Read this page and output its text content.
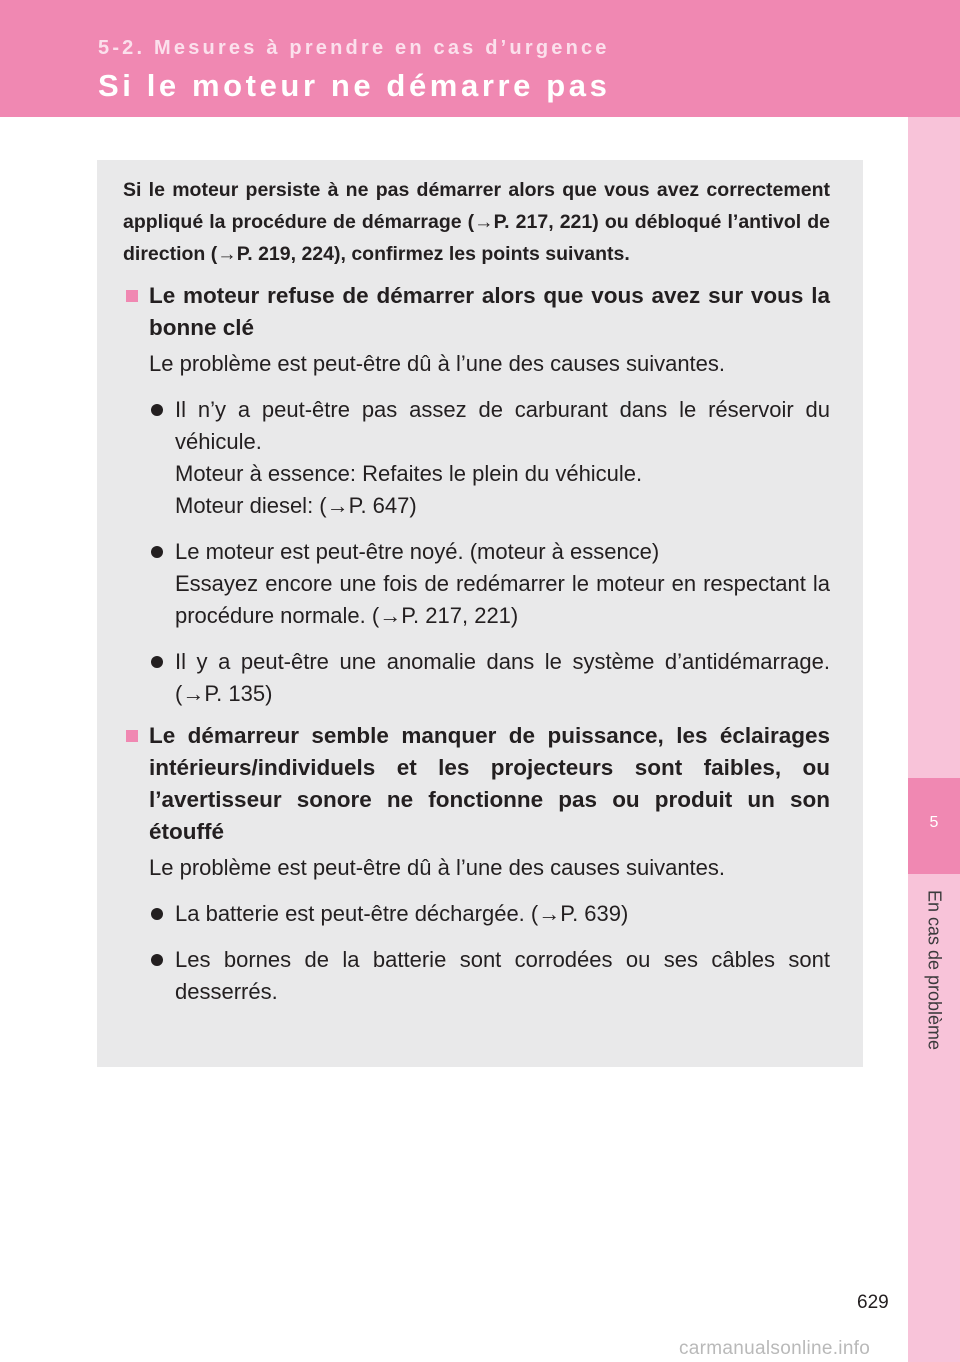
5-2. Mesures à prendre en cas d’urgence
Si le moteur ne démarre pas
5
En cas de problème

Si le moteur persiste à ne pas démarrer alors que vous avez correctement appliqué la procédure de démarrage (→P. 217, 221) ou débloqué l’antivol de direction (→P. 219, 224), confirmez les points suivants.

Le moteur refuse de démarrer alors que vous avez sur vous la bonne clé
Le problème est peut-être dû à l’une des causes suivantes.
Il n’y a peut-être pas assez de carburant dans le réservoir du véhicule.
Moteur à essence: Refaites le plein du véhicule.
Moteur diesel: (→P. 647)
Le moteur est peut-être noyé. (moteur à essence)
Essayez encore une fois de redémarrer le moteur en respectant la procédure normale. (→P. 217, 221)
Il y a peut-être une anomalie dans le système d’antidémarrage. (→P. 135)
Le démarreur semble manquer de puissance, les éclairages intérieurs/individuels et les projecteurs sont faibles, ou l’avertisseur sonore ne fonctionne pas ou produit un son étouffé
Le problème est peut-être dû à l’une des causes suivantes.
La batterie est peut-être déchargée. (→P. 639)
Les bornes de la batterie sont corrodées ou ses câbles sont desserrés.
629
carmanualsonline.info
